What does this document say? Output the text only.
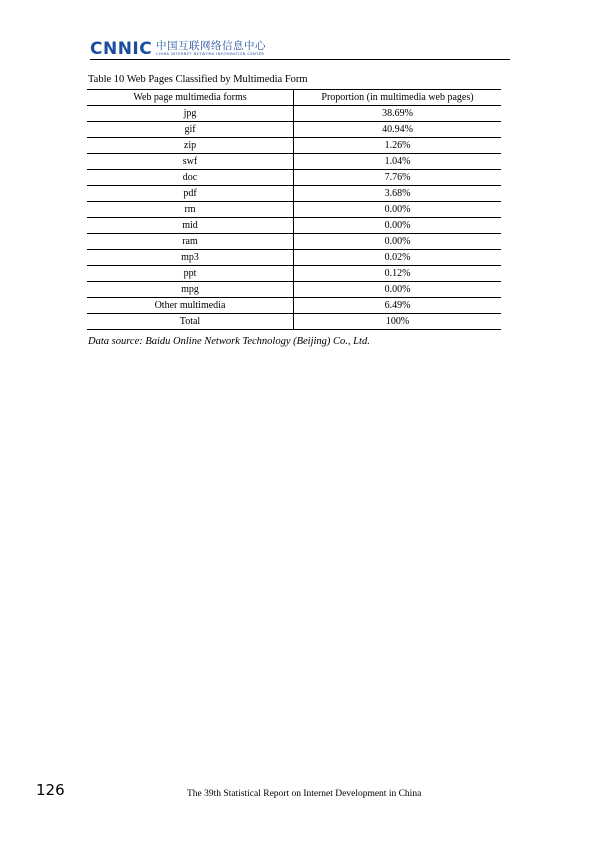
CNNIC 中国互联网络信息中心
CHINA INTERNET NETWORK INFORMATION CENTER
Table 10 Web Pages Classified by Multimedia Form
Web page multimedia forms	Proportion (in multimedia web pages)
jpg	38.69%
gif	40.94%
zip	1.26%
swf	1.04%
doc	7.76%
pdf	3.68%
rm	0.00%
mid	0.00%
ram	0.00%
mp3	0.02%
ppt	0.12%
mpg	0.00%
Other multimedia	6.49%
Total	100%
Data source: Baidu Online Network Technology (Beijing) Co., Ltd.
126	The 39th Statistical Report on Internet Development in China
